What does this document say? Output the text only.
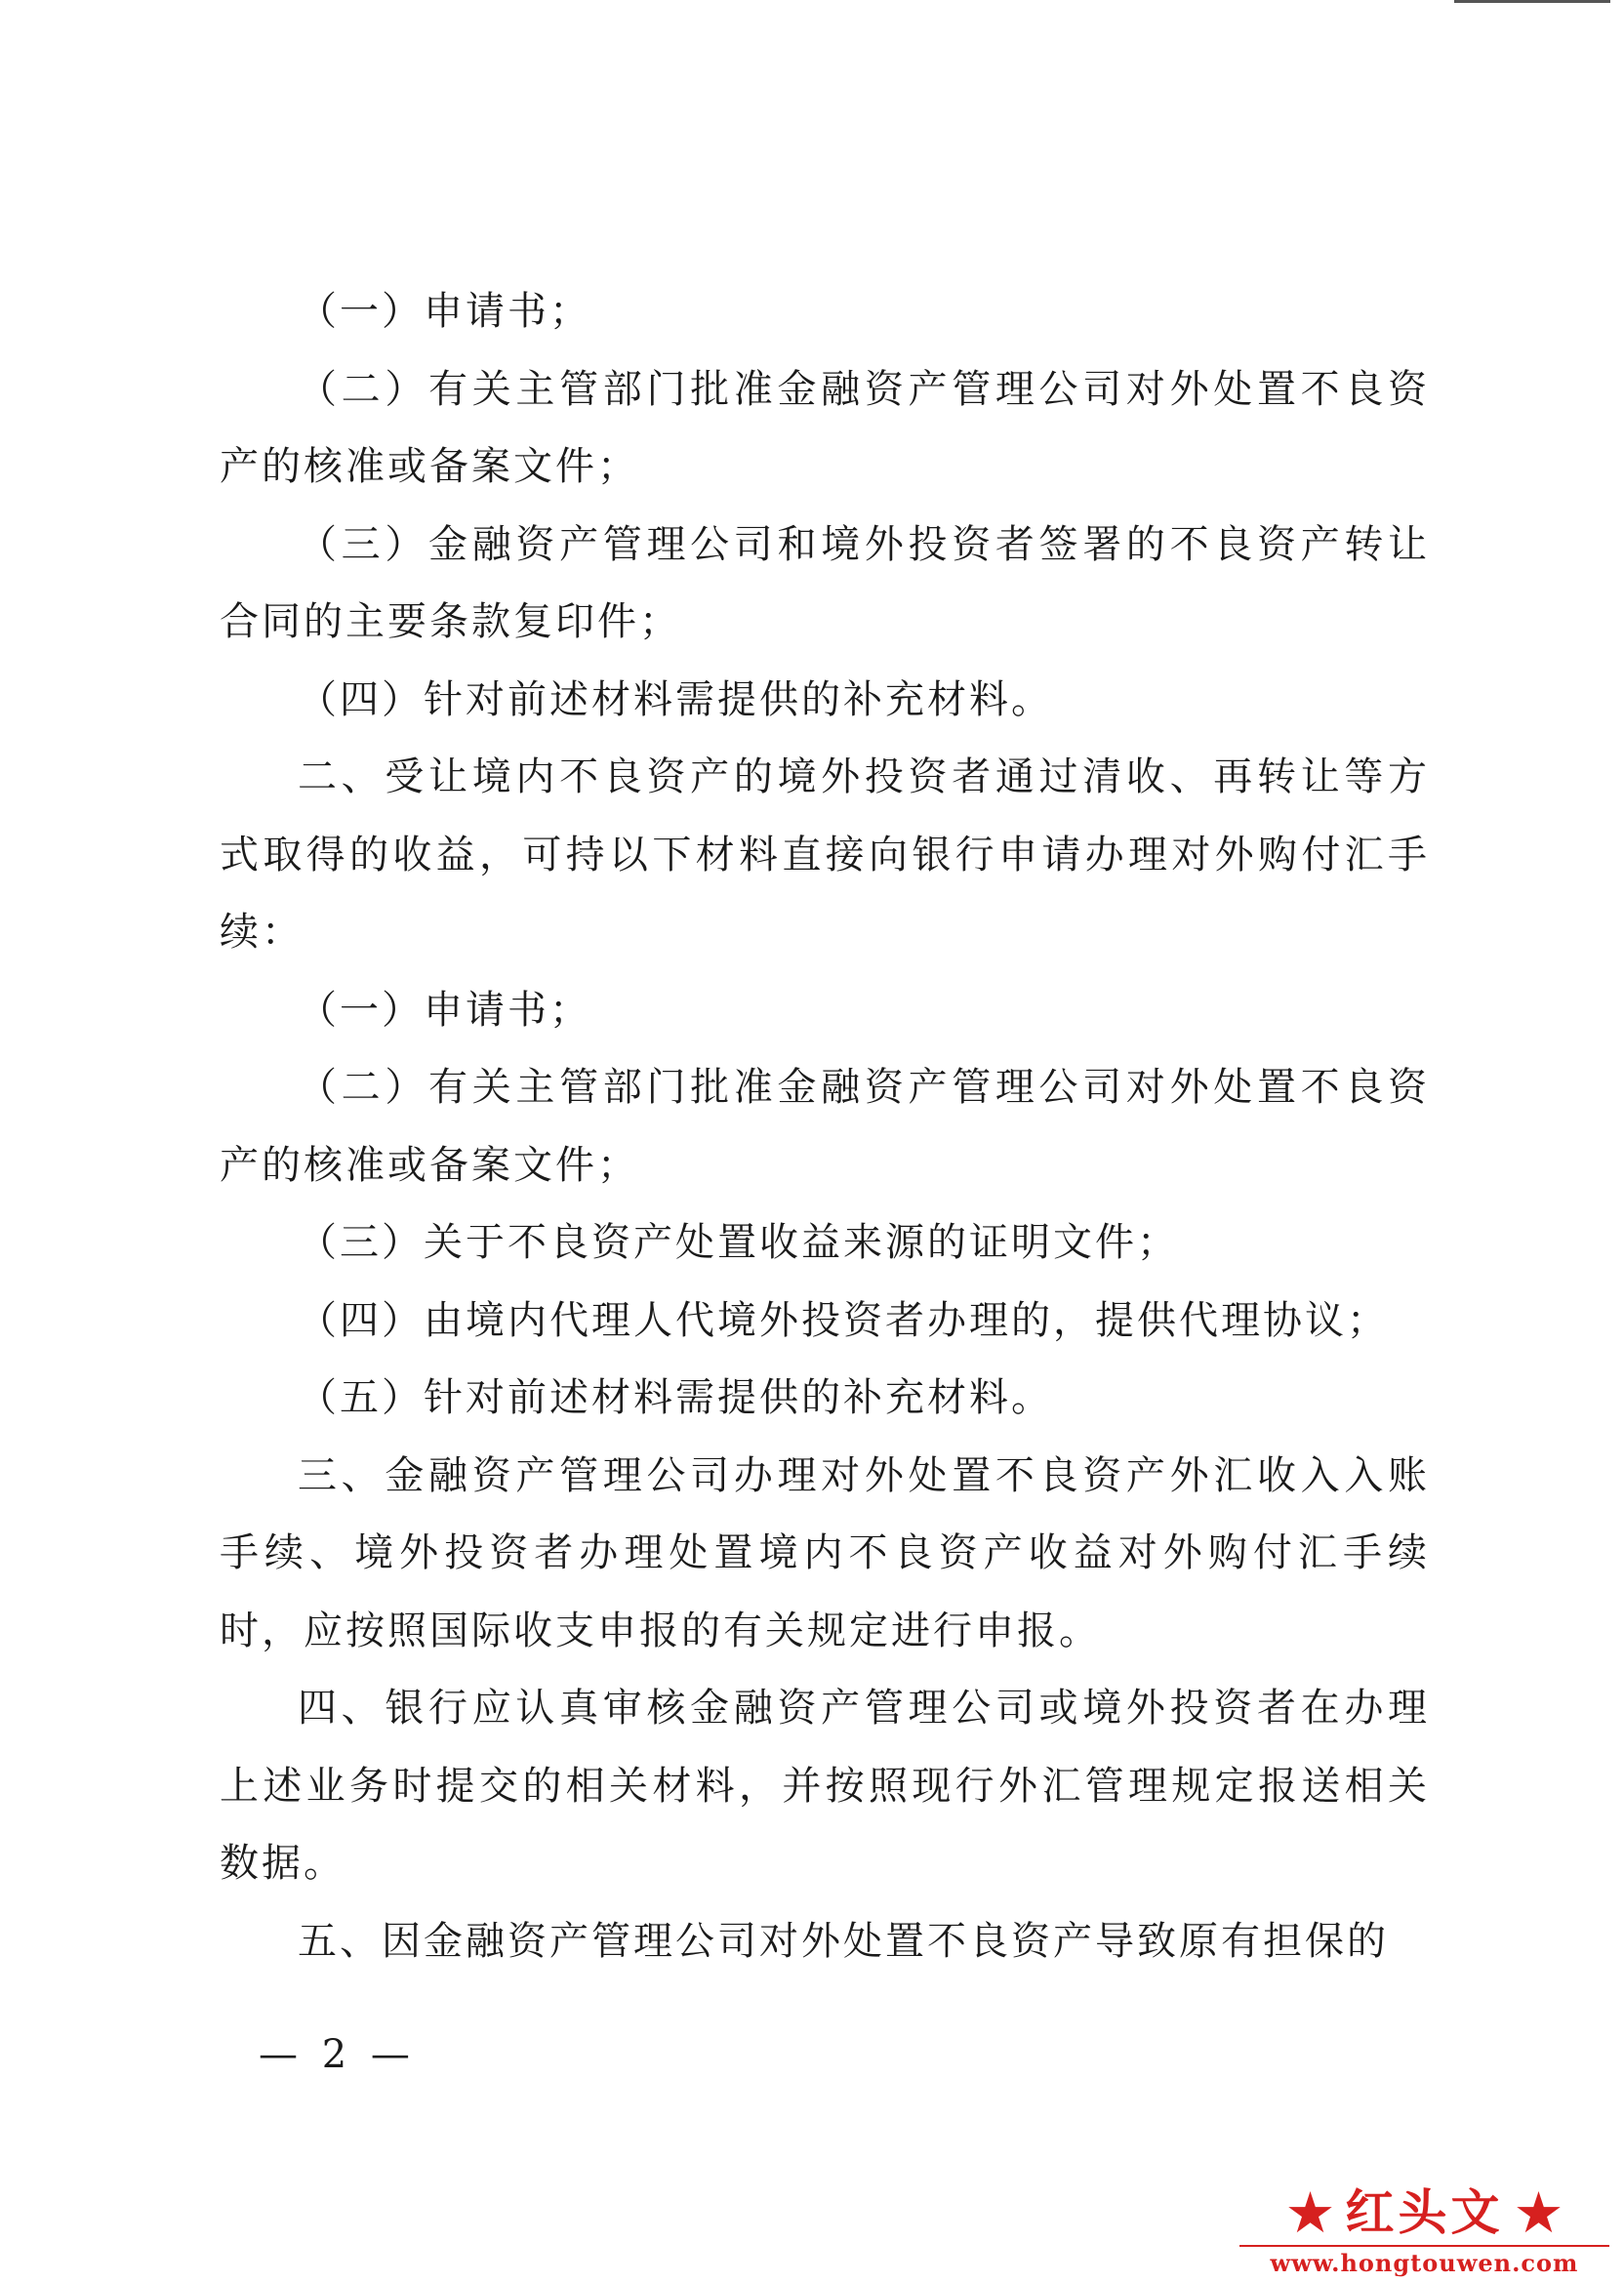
（一）申请书；

（二）有关主管部门批准金融资产管理公司对外处置不良资产的核准或备案文件；

（三）金融资产管理公司和境外投资者签署的不良资产转让合同的主要条款复印件；

（四）针对前述材料需提供的补充材料。

二、受让境内不良资产的境外投资者通过清收、再转让等方式取得的收益，可持以下材料直接向银行申请办理对外购付汇手续：

（一）申请书；

（二）有关主管部门批准金融资产管理公司对外处置不良资产的核准或备案文件；

（三）关于不良资产处置收益来源的证明文件；

（四）由境内代理人代境外投资者办理的，提供代理协议；

（五）针对前述材料需提供的补充材料。

三、金融资产管理公司办理对外处置不良资产外汇收入入账手续、境外投资者办理处置境内不良资产收益对外购付汇手续时，应按照国际收支申报的有关规定进行申报。

四、银行应认真审核金融资产管理公司或境外投资者在办理上述业务时提交的相关材料，并按照现行外汇管理规定报送相关数据。

五、因金融资产管理公司对外处置不良资产导致原有担保的

— 2 —
★ 红头文 ★
www.hongtouwen.com
